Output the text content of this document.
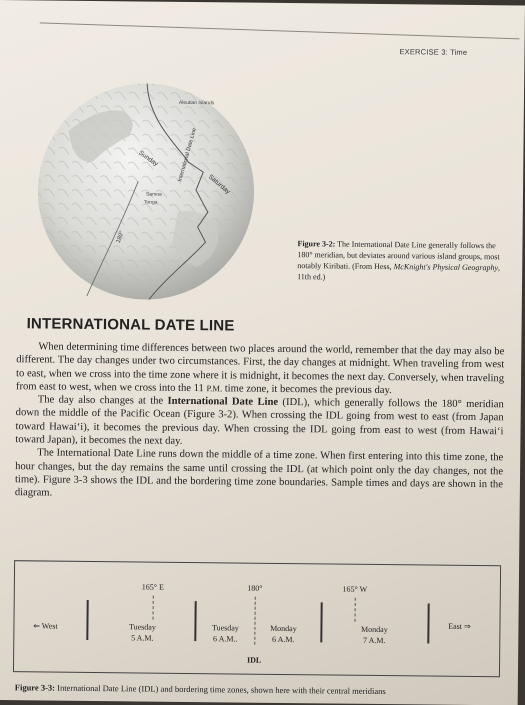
EXERCISE 3: Time
Aleutian Islands
International Date Line
Sunday
Saturday
Samoa
Tonga
180°	Figure 3-2: The International Date Line generally follows the 180° meridian, but deviates around various island groups, most notably Kiribati. (From Hess, McKnight's Physical Geography, 11th ed.)
INTERNATIONAL DATE LINE

When determining time differences between two places around the world, remember that the day may also be different. The day changes under two circumstances. First, the day changes at midnight. When traveling from west to east, when we cross into the time zone where it is midnight, it becomes the next day. Conversely, when traveling from east to west, when we cross into the 11 P.M. time zone, it becomes the previous day.

The day also changes at the International Date Line (IDL), which generally follows the 180° meridian down the middle of the Pacific Ocean (Figure 3-2). When crossing the IDL going from west to east (from Japan toward Hawai‘i), it becomes the previous day. When crossing the IDL going from east to west (from Hawai‘i toward Japan), it becomes the next day.

The International Date Line runs down the middle of a time zone. When first entering into this time zone, the hour changes, but the day remains the same until crossing the IDL (at which point only the day changes, not the time). Figure 3-3 shows the IDL and the bordering time zone boundaries. Sample times and days are shown in the diagram.

165° E	180°	165° W
⇐ West	East ⇒
Tuesday
5 A.M.
Tuesday
6 A.M..
Monday
6 A.M.
Monday
7 A.M.
IDL
Figure 3-3: International Date Line (IDL) and bordering time zones, shown here with their central meridians
